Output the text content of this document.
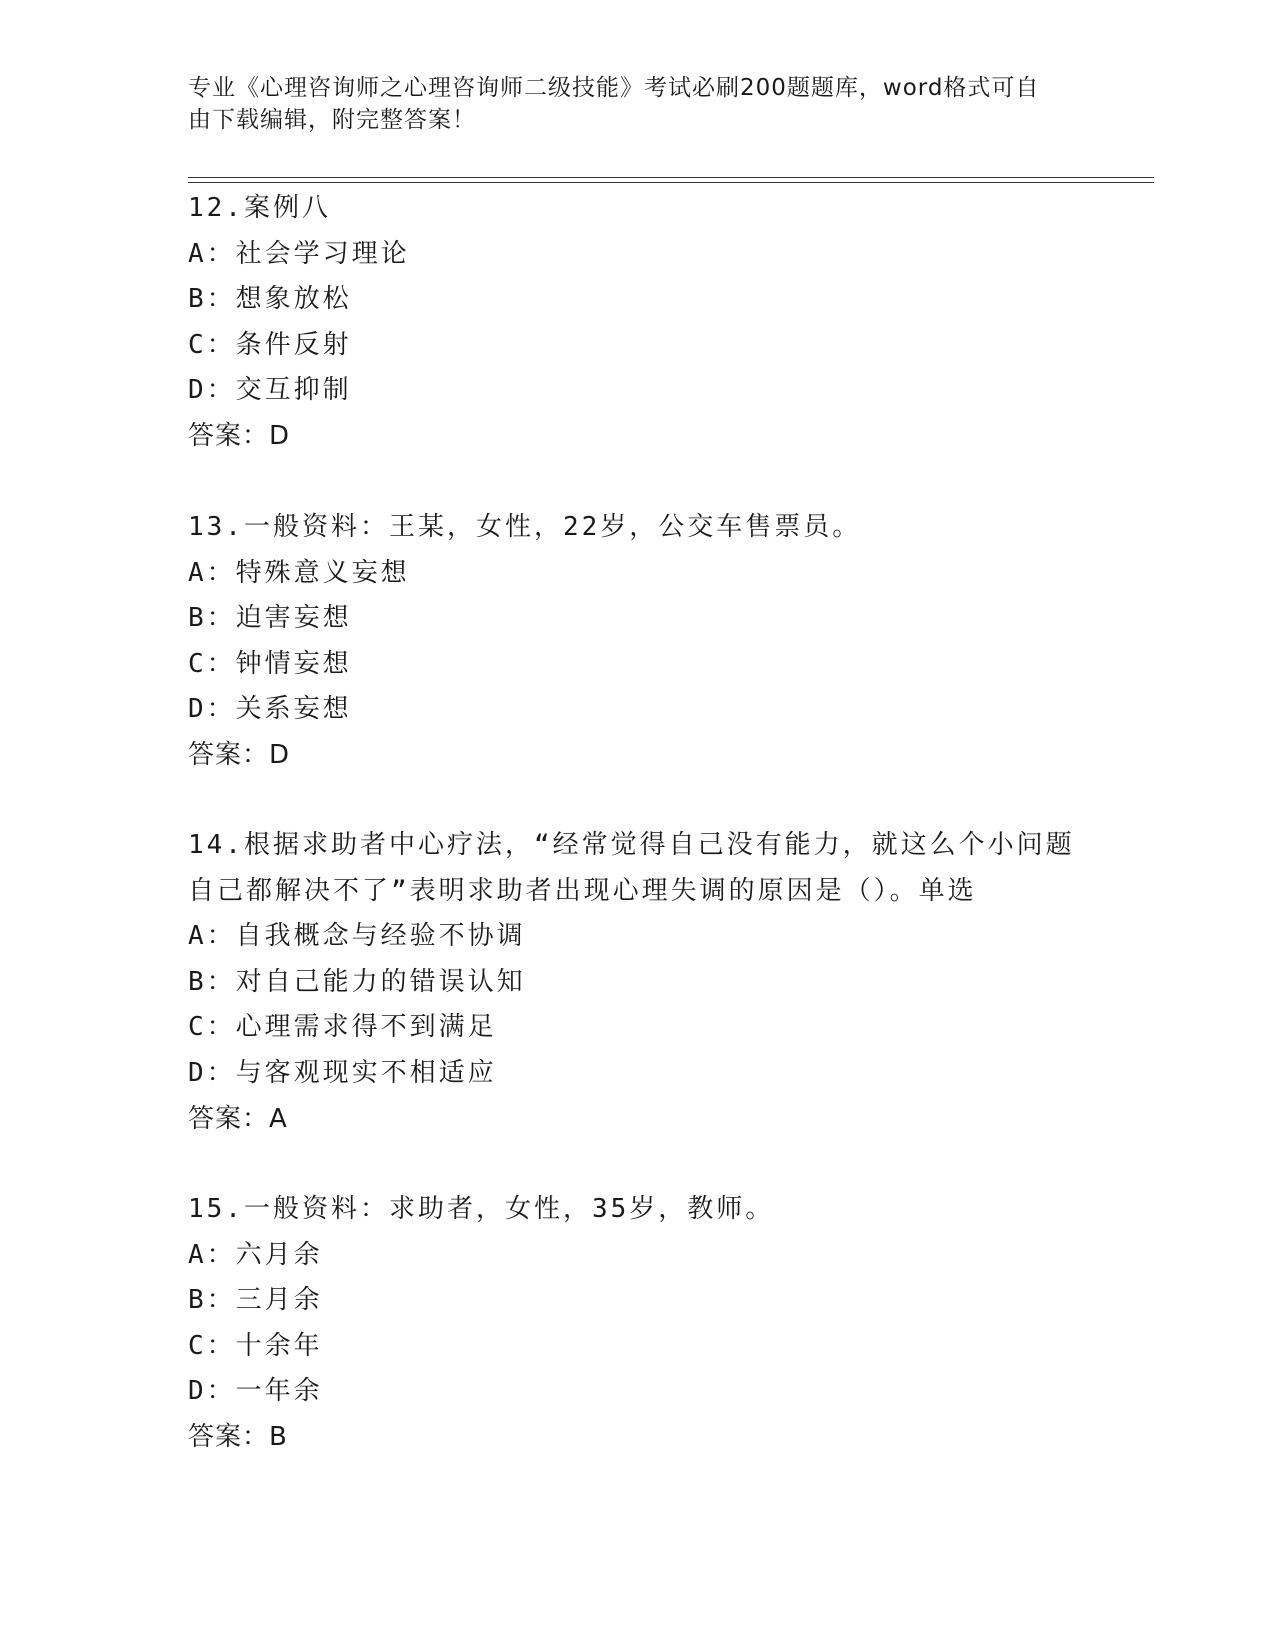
专业《心理咨询师之心理咨询师二级技能》考试必刷200题题库，word格式可自
由下载编辑，附完整答案！
12.案例八
A：社会学习理论
B：想象放松
C：条件反射
D：交互抑制
答案：D
13.一般资料：王某，女性，22岁，公交车售票员。
A：特殊意义妄想
B：迫害妄想
C：钟情妄想
D：关系妄想
答案：D
14.根据求助者中心疗法，“经常觉得自己没有能力，就这么个小问题
自己都解决不了”表明求助者出现心理失调的原因是（）。单选
A：自我概念与经验不协调
B：对自己能力的错误认知
C：心理需求得不到满足
D：与客观现实不相适应
答案：A
15.一般资料：求助者，女性，35岁，教师。
A：六月余
B：三月余
C：十余年
D：一年余
答案：B
